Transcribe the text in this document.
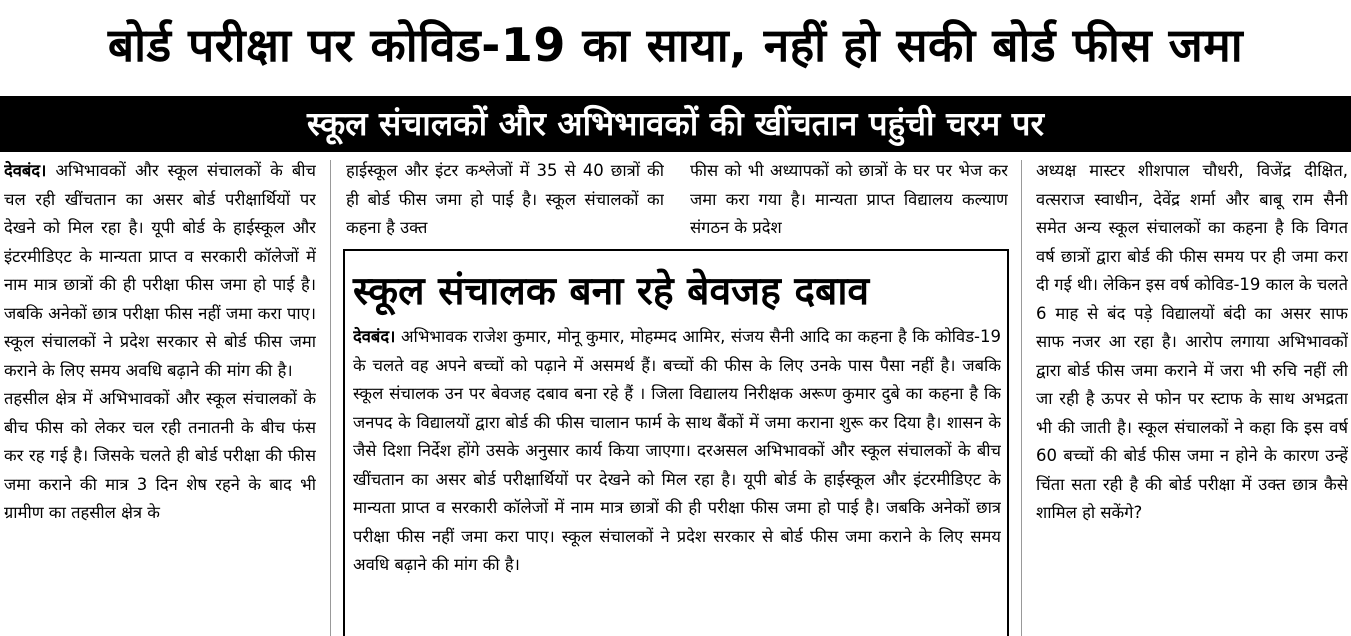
बोर्ड परीक्षा पर कोविड-19 का साया, नहीं हो सकी बोर्ड फीस जमा
स्कूल संचालकों और अभिभावकों की खींचतान पहुंची चरम पर

देवबंद। अभिभावकों और स्कूल संचालकों के बीच चल रही खींचतान का असर बोर्ड परीक्षार्थियों पर देखने को मिल रहा है। यूपी बोर्ड के हाईस्कूल और इंटरमीडिएट के मान्यता प्राप्त व सरकारी कॉलेजों में नाम मात्र छात्रों की ही परीक्षा फीस जमा हो पाई है। जबकि अनेकों छात्र परीक्षा फीस नहीं जमा करा पाए। स्कूल संचालकों ने प्रदेश सरकार से बोर्ड फीस जमा कराने के लिए समय अवधि बढ़ाने की मांग की है।

तहसील क्षेत्र में अभिभावकों और स्कूल संचालकों के बीच फीस को लेकर चल रही तनातनी के बीच फंस कर रह गई है। जिसके चलते ही बोर्ड परीक्षा की फीस जमा कराने की मात्र 3 दिन शेष रहने के बाद भी ग्रामीण का तहसील क्षेत्र के

हाईस्कूल और इंटर कश्लेजों में 35 से 40 छात्रों की ही बोर्ड फीस जमा हो पाई है। स्कूल संचालकों का कहना है उक्त

फीस को भी अध्यापकों को छात्रों के घर पर भेज कर जमा करा गया है। मान्यता प्राप्त विद्यालय कल्याण संगठन के प्रदेश

अध्यक्ष मास्टर शीशपाल चौधरी, विजेंद्र दीक्षित, वत्सराज स्वाधीन, देवेंद्र शर्मा और बाबू राम सैनी समेत अन्य स्कूल संचालकों का कहना है कि विगत वर्ष छात्रों द्वारा बोर्ड की फीस समय पर ही जमा करा दी गई थी। लेकिन इस वर्ष कोविड-19 काल के चलते 6 माह से बंद पड़े विद्यालयों बंदी का असर साफ साफ नजर आ रहा है। आरोप लगाया अभिभावकों द्वारा बोर्ड फीस जमा कराने में जरा भी रुचि नहीं ली जा रही है ऊपर से फोन पर स्टाफ के साथ अभद्रता भी की जाती है। स्कूल संचालकों ने कहा कि इस वर्ष 60 बच्चों की बोर्ड फीस जमा न होने के कारण उन्हें चिंता सता रही है की बोर्ड परीक्षा में उक्त छात्र कैसे शामिल हो सकेंगे?

स्कूल संचालक बना रहे बेवजह दबाव
देवबंद। अभिभावक राजेश कुमार, मोनू कुमार, मोहम्मद आमिर, संजय सैनी आदि का कहना है कि कोविड-19 के चलते वह अपने बच्चों को पढ़ाने में असमर्थ हैं। बच्चों की फीस के लिए उनके पास पैसा नहीं है। जबकि स्कूल संचालक उन पर बेवजह दबाव बना रहे हैं । जिला विद्यालय निरीक्षक अरूण कुमार दुबे का कहना है कि जनपद के विद्यालयों द्वारा बोर्ड की फीस चालान फार्म के साथ बैंकों में जमा कराना शुरू कर दिया है। शासन के जैसे दिशा निर्देश होंगे उसके अनुसार कार्य किया जाएगा। दरअसल अभिभावकों और स्कूल संचालकों के बीच खींचतान का असर बोर्ड परीक्षार्थियों पर देखने को मिल रहा है। यूपी बोर्ड के हाईस्कूल और इंटरमीडिएट के मान्यता प्राप्त व सरकारी कॉलेजों में नाम मात्र छात्रों की ही परीक्षा फीस जमा हो पाई है। जबकि अनेकों छात्र परीक्षा फीस नहीं जमा करा पाए। स्कूल संचालकों ने प्रदेश सरकार से बोर्ड फीस जमा कराने के लिए समय अवधि बढ़ाने की मांग की है।
